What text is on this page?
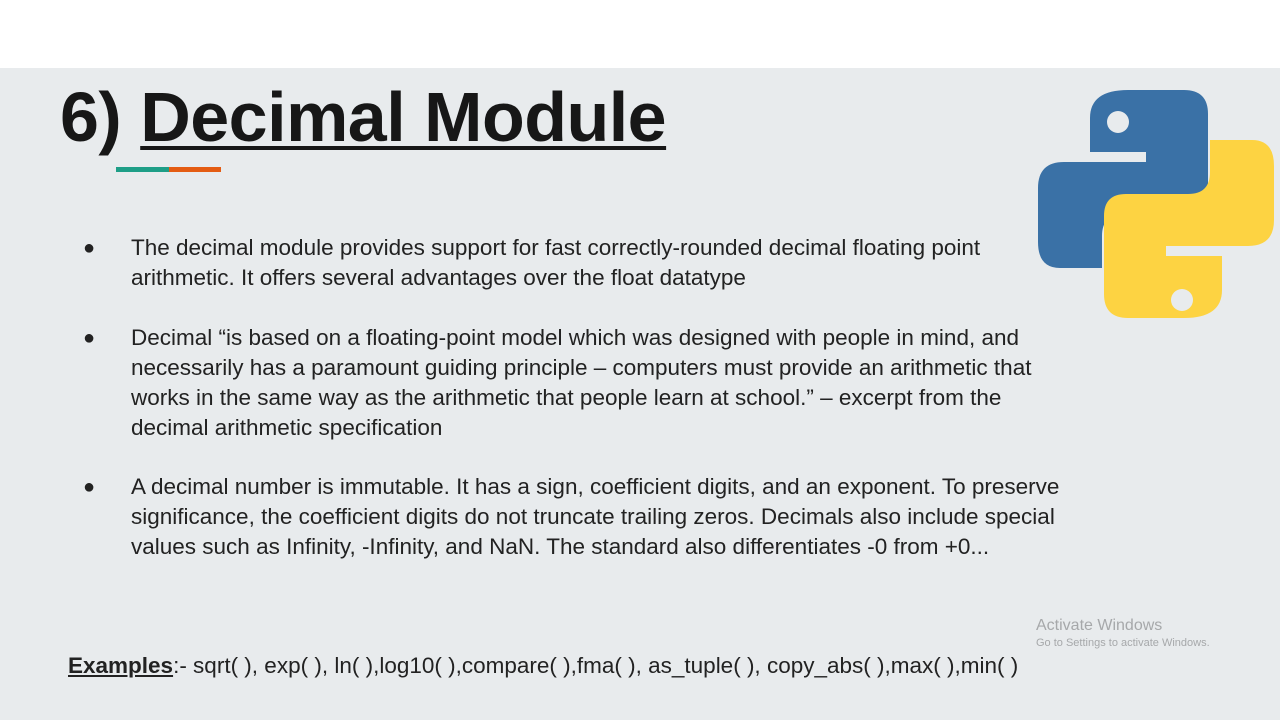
6) Decimal Module
● The decimal module provides support for fast correctly-rounded decimal floating point arithmetic. It offers several advantages over the float datatype
● Decimal “is based on a floating-point model which was designed with people in mind, and necessarily has a paramount guiding principle – computers must provide an arithmetic that works in the same way as the arithmetic that people learn at school.” – excerpt from the decimal arithmetic specification
● A decimal number is immutable. It has a sign, coefficient digits, and an exponent. To preserve significance, the coefficient digits do not truncate trailing zeros. Decimals also include special values such as Infinity, -Infinity, and NaN. The standard also differentiates -0 from +0...
Examples:- sqrt( ), exp( ), ln( ),log10( ),compare( ),fma( ), as_tuple( ), copy_abs( ),max( ),min( )
Activate Windows
Go to Settings to activate Windows.
